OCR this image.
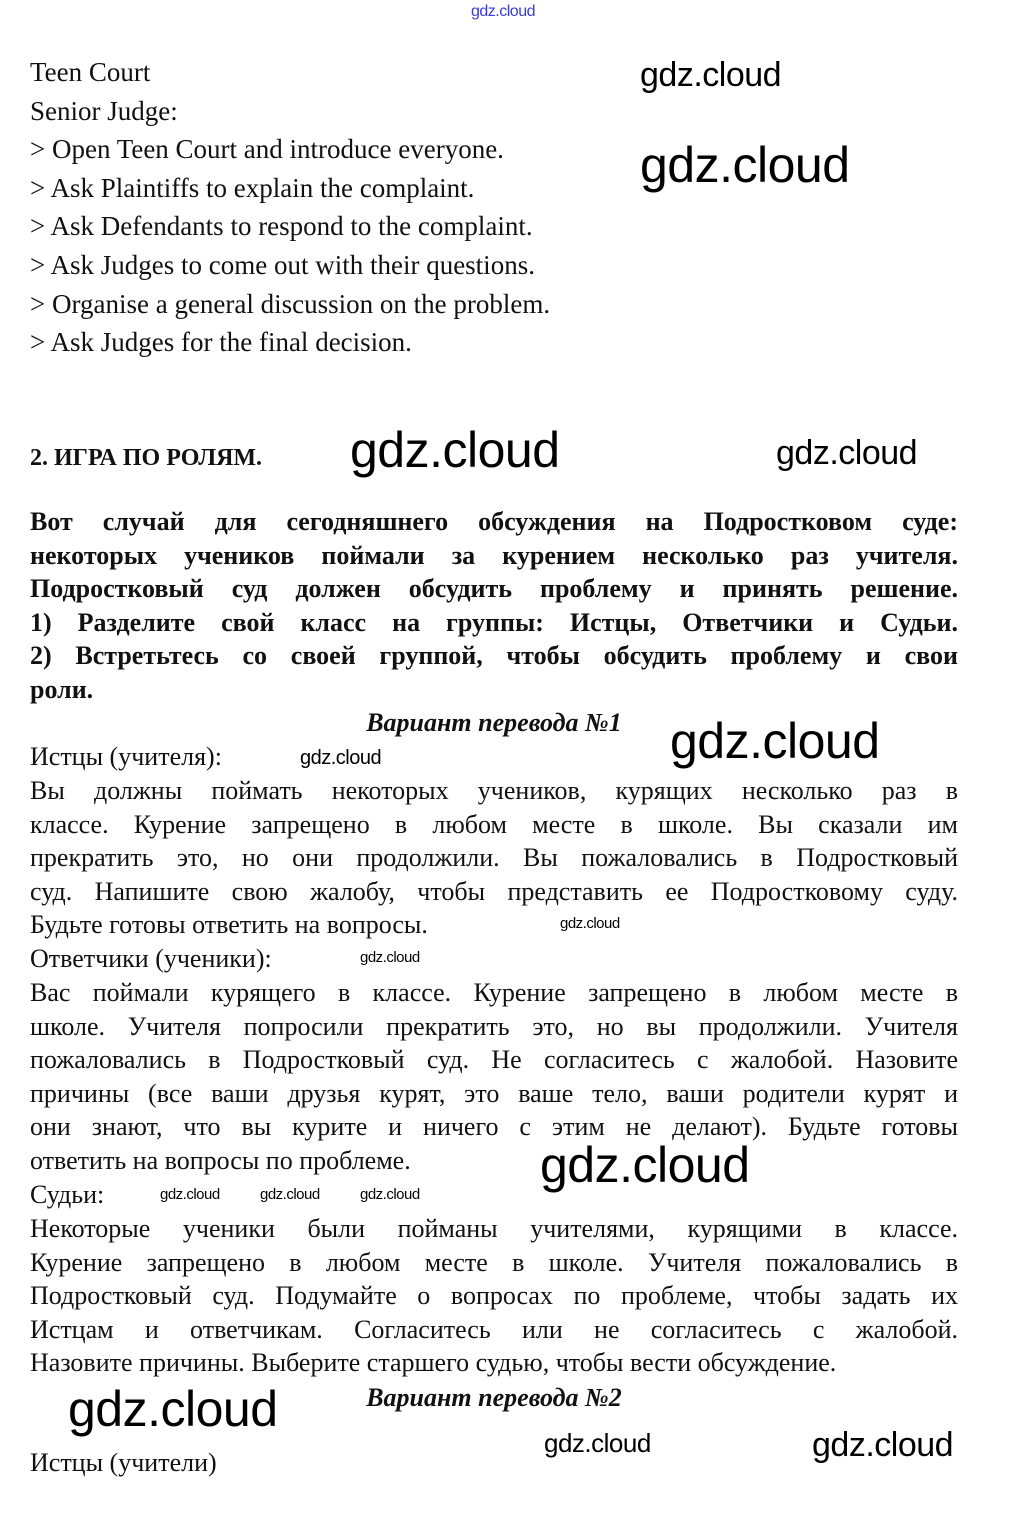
Teen Court
Senior Judge:
> Open Teen Court and introduce everyone.
> Ask Plaintiffs to explain the complaint.
> Ask Defendants to respond to the complaint.
> Ask Judges to come out with their questions.
> Organise a general discussion on the problem.
> Ask Judges for the final decision.
2. ИГРА ПО РОЛЯМ.
Вот случай для сегодняшнего обсуждения на Подростковом суде:
некоторых учеников поймали за курением несколько раз учителя.
Подростковый суд должен обсудить проблему и принять решение.
1) Разделите свой класс на группы: Истцы, Ответчики и Судьи.
2) Встретьтесь со своей группой, чтобы обсудить проблему и свои
роли.
Вариант перевода №1
Истцы (учителя):
Вы должны поймать некоторых учеников, курящих несколько раз в
классе. Курение запрещено в любом месте в школе. Вы сказали им
прекратить это, но они продолжили. Вы пожаловались в Подростковый
суд. Напишите свою жалобу, чтобы представить ее Подростковому суду.
Будьте готовы ответить на вопросы.
Ответчики (ученики):
Вас поймали курящего в классе. Курение запрещено в любом месте в
школе. Учителя попросили прекратить это, но вы продолжили. Учителя
пожаловались в Подростковый суд. Не согласитесь с жалобой. Назовите
причины (все ваши друзья курят, это ваше тело, ваши родители курят и
они знают, что вы курите и ничего с этим не делают). Будьте готовы
ответить на вопросы по проблеме.
Судьи:
Некоторые ученики были пойманы учителями, курящими в классе.
Курение запрещено в любом месте в школе. Учителя пожаловались в
Подростковый суд. Подумайте о вопросах по проблеме, чтобы задать их
Истцам и ответчикам. Согласитесь или не согласитесь с жалобой.
Назовите причины. Выберите старшего судью, чтобы вести обсуждение.
Вариант перевода №2
Истцы (учители)
gdz.cloud
gdz.cloud
gdz.cloud
gdz.cloud	gdz.cloud
gdz.cloud
gdz.cloud
gdz.cloud
gdz.cloud
gdz.cloud	gdz.cloud	gdz.cloud
gdz.cloud
gdz.cloud
gdz.cloud	gdz.cloud
